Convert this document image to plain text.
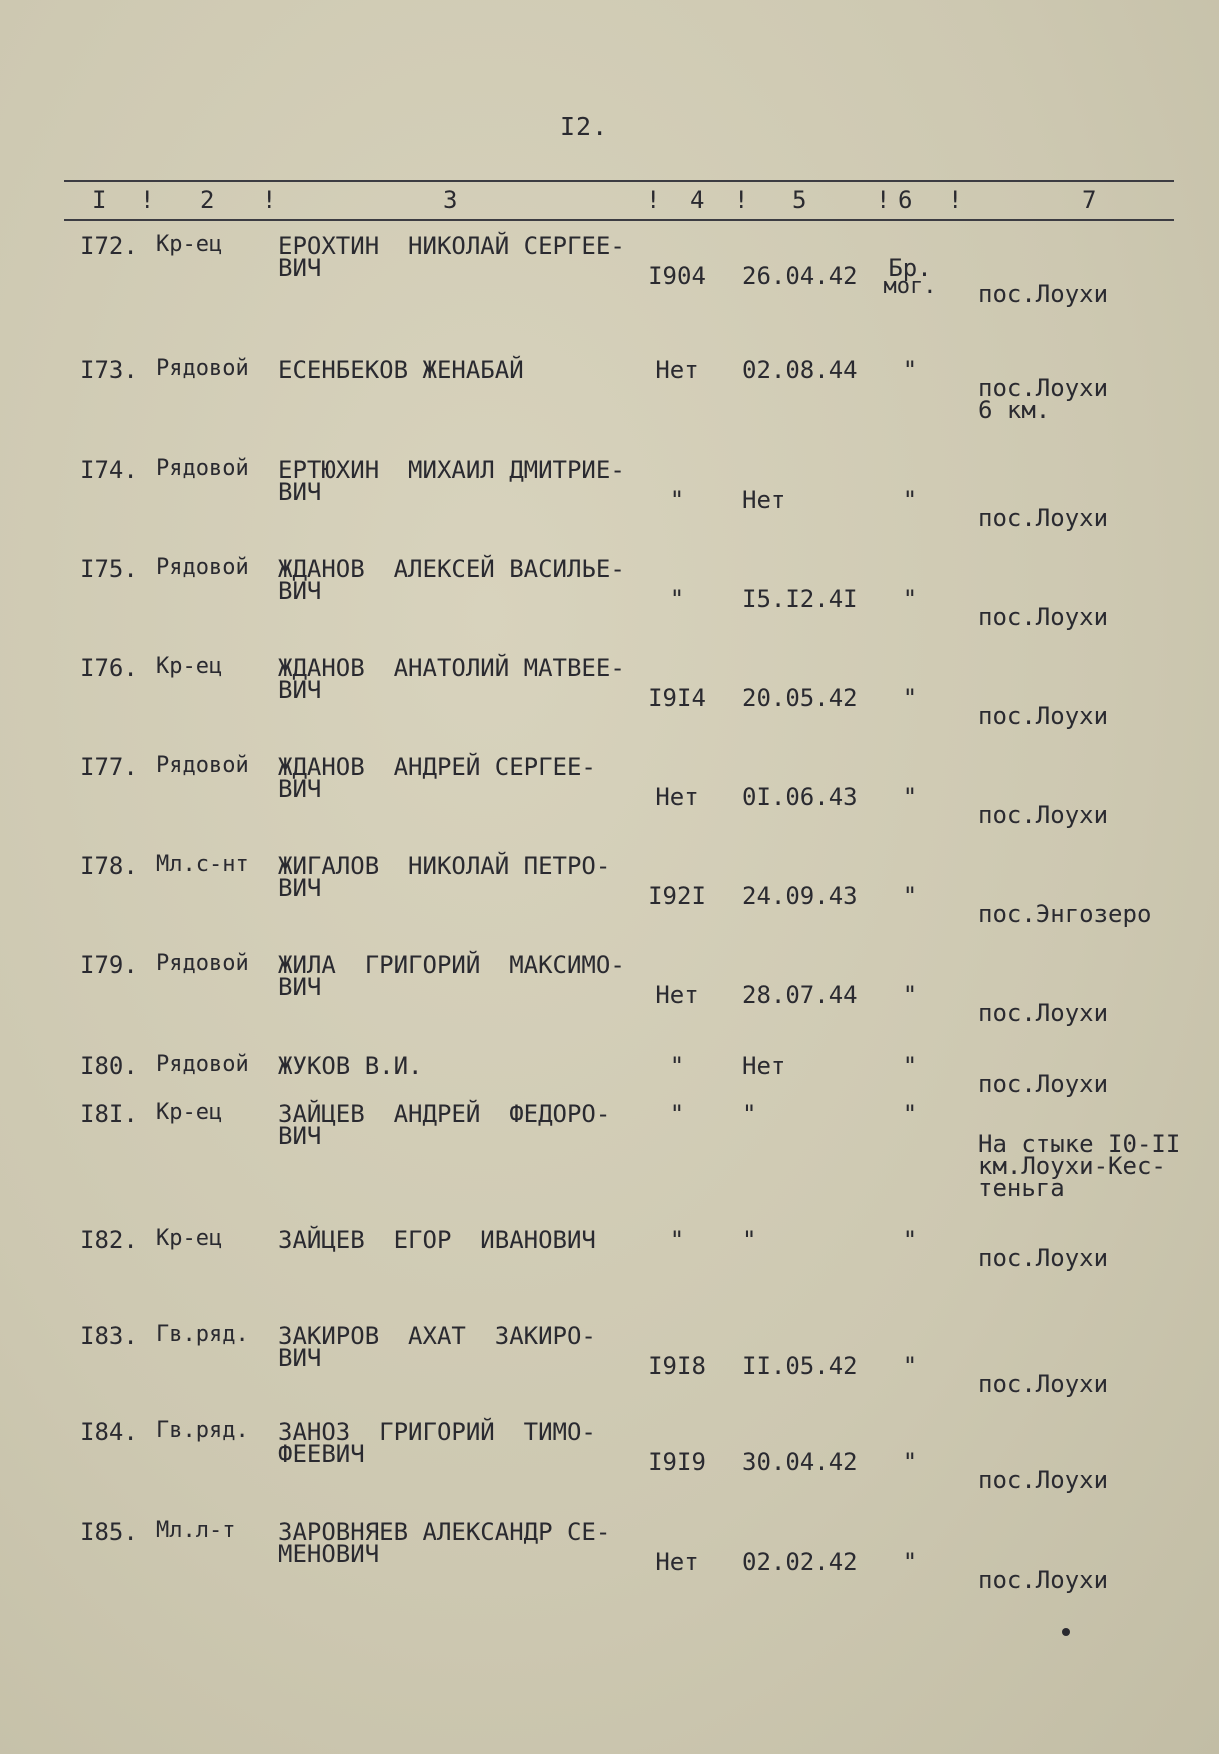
I2.
I ! 2 !	3	! 4 ! 5	! 6 !	7
I72. Кр-ец ЕРОХТИН  НИКОЛАЙ СЕРГЕЕ-
ВИЧ	I904 26.04.42	Бр.
мог. пос.Лоухи
I73. Рядовой ЕСЕНБЕКОВ ЖЕНАБАЙ	Нет	02.08.44	"
пос.Лоухи
6 км.
I74. Рядовой ЕРТЮХИН  МИХАИЛ ДМИТРИЕ-
ВИЧ	"	Нет	"
пос.Лоухи
I75. Рядовой ЖДАНОВ  АЛЕКСЕЙ ВАСИЛЬЕ-
ВИЧ	"	I5.I2.4I	"
пос.Лоухи
I76. Кр-ец ЖДАНОВ  АНАТОЛИЙ МАТВЕЕ-
ВИЧ	I9I4 20.05.42	"
пос.Лоухи
I77. Рядовой ЖДАНОВ  АНДРЕЙ СЕРГЕЕ-
ВИЧ	Нет	0I.06.43	"
пос.Лоухи
I78. Мл.с-нт ЖИГАЛОВ  НИКОЛАЙ ПЕТРО-
ВИЧ	I92I 24.09.43	"
пос.Энгозеро
I79. Рядовой ЖИЛА  ГРИГОРИЙ  МАКСИМО-
ВИЧ	Нет	28.07.44	"
пос.Лоухи
I80. Рядовой ЖУКОВ В.И.	"	Нет	"
пос.Лоухи
I8I. Кр-ец ЗАЙЦЕВ  АНДРЕЙ  ФЕДОРО-
ВИЧ
"	"	"
На стыке I0-II
км.Лоухи-Кес-
теньга
I82. Кр-ец ЗАЙЦЕВ  ЕГОР  ИВАНОВИЧ	"	"	"
пос.Лоухи
I83. Гв.ряд. ЗАКИРОВ  АХАТ  ЗАКИРО-
ВИЧ	I9I8 II.05.42	"
пос.Лоухи
I84. Гв.ряд. ЗАНОЗ  ГРИГОРИЙ  ТИМО-
ФЕЕВИЧ	I9I9 30.04.42	"
пос.Лоухи
I85. Мл.л-т ЗАРОВНЯЕВ АЛЕКСАНДР СЕ-
МЕНОВИЧ	Нет	02.02.42	"
пос.Лоухи
